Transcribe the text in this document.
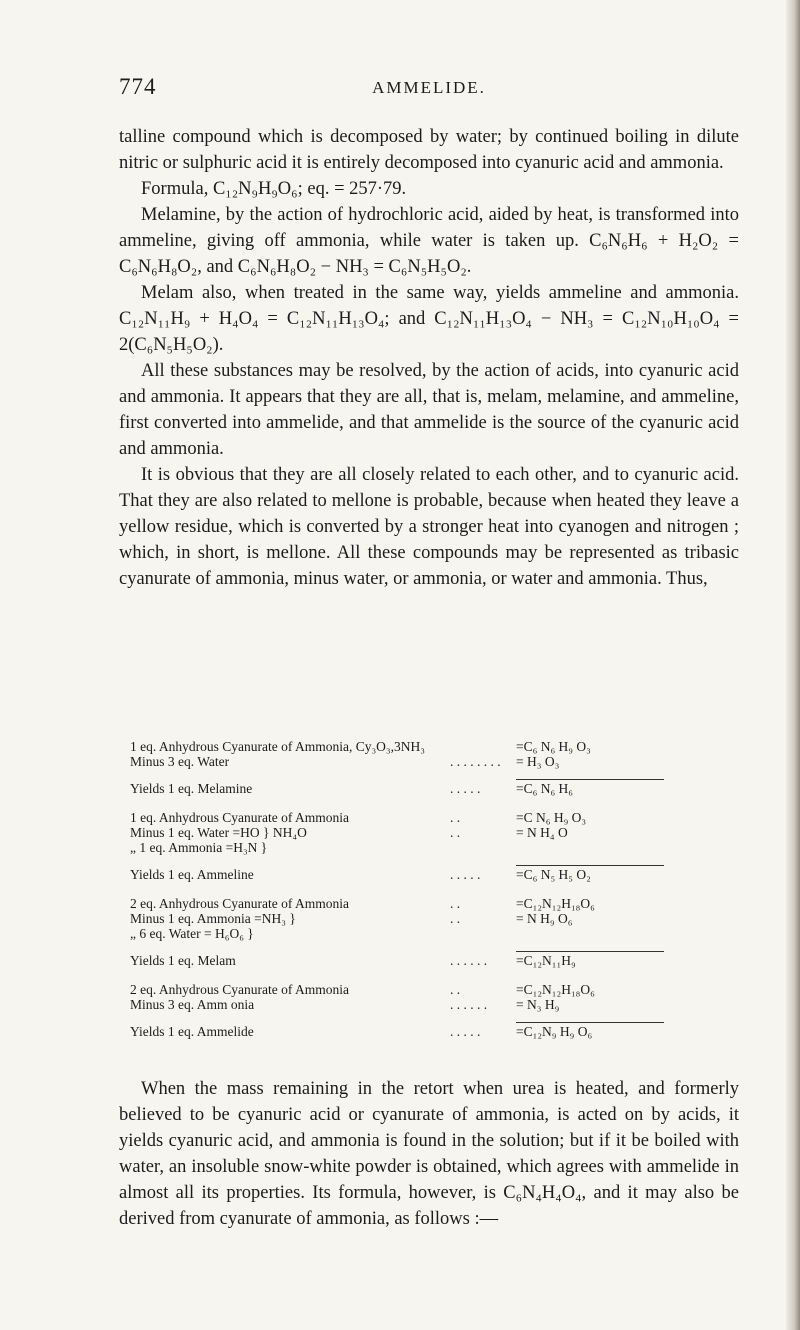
774	AMMELIDE.

talline compound which is decomposed by water; by continued boiling in dilute nitric or sulphuric acid it is entirely decomposed into cyanuric acid and ammonia.

Formula, C₁₂N₉H₉O₆; eq. = 257·79.

Melamine, by the action of hydrochloric acid, aided by heat, is transformed into ammeline, giving off ammonia, while water is taken up. C₆N₆H₆ + H₂O₂ = C₆N₆H₈O₂, and C₆N₆H₈O₂ − NH₃ = C₆N₅H₅O₂.

Melam also, when treated in the same way, yields ammeline and ammonia. C₁₂N₁₁H₉ + H₄O₄ = C₁₂N₁₁H₁₃O₄; and C₁₂N₁₁H₁₃O₄ − NH₃ = C₁₂N₁₀H₁₀O₄ = 2(C₆N₅H₅O₂).

All these substances may be resolved, by the action of acids, into cyanuric acid and ammonia. It appears that they are all, that is, melam, melamine, and ammeline, first converted into ammelide, and that ammelide is the source of the cyanuric acid and ammonia.

It is obvious that they are all closely related to each other, and to cyanuric acid. That they are also related to mellone is probable, because when heated they leave a yellow residue, which is converted by a stronger heat into cyanogen and nitrogen ; which, in short, is mellone. All these compounds may be represented as tribasic cyanurate of ammonia, minus water, or ammonia, or water and ammonia. Thus,

1 eq. Anhydrous Cyanurate of Ammonia, Cy₃O₃,3NH₃	=C₆ N₆ H₉ O₃
Minus 3 eq. Water	. . . . . . . . = H₃ O₃
Yields 1 eq. Melamine	. . . . .	=C₆ N₆ H₆
1 eq. Anhydrous Cyanurate of Ammonia	. .	=C N₆ H₉ O₃
Minus 1 eq. Water =HO } NH₄O	. .	= N H₄ O
„ 1 eq. Ammonia =H₃N }
Yields 1 eq. Ammeline	. . . . .	=C₆ N₅ H₅ O₂
2 eq. Anhydrous Cyanurate of Ammonia	. .	=C₁₂N₁₂H₁₈O₆
Minus 1 eq. Ammonia =NH₃ }	. .	= N H₉ O₆
„ 6 eq. Water = H₆O₆ }
Yields 1 eq. Melam	. . . . . . =C₁₂N₁₁H₉
2 eq. Anhydrous Cyanurate of Ammonia	. .	=C₁₂N₁₂H₁₈O₆
Minus 3 eq. Amm onia	. . . . . . = N₃ H₉
Yields 1 eq. Ammelide	. . . . .	=C₁₂N₉ H₉ O₆

When the mass remaining in the retort when urea is heated, and formerly believed to be cyanuric acid or cyanurate of ammonia, is acted on by acids, it yields cyanuric acid, and ammonia is found in the solution; but if it be boiled with water, an insoluble snow-white powder is obtained, which agrees with ammelide in almost all its properties. Its formula, however, is C₆N₄H₄O₄, and it may also be derived from cyanurate of ammonia, as follows :—
